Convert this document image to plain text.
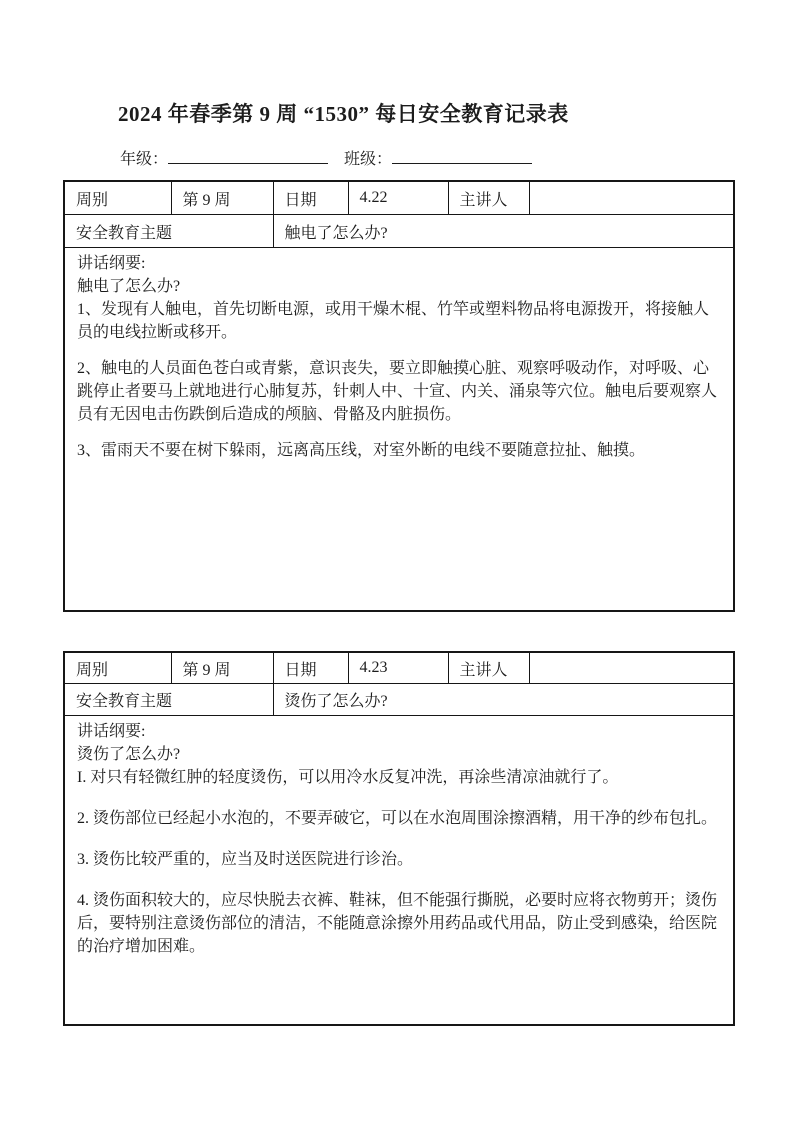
2024 年春季第 9 周 “1530” 每日安全教育记录表
年级：	班级：
周别	第 9 周	日期	4.22	主讲人	
安全教育主题		触电了怎么办?			

讲话纲要:
触电了怎么办?
1、发现有人触电，首先切断电源，或用干燥木棍、竹竿或塑料物品将电源拨开，将接触人员的电线拉断或移开。
2、触电的人员面色苍白或青紫，意识丧失，要立即触摸心脏、观察呼吸动作，对呼吸、心跳停止者要马上就地进行心肺复苏，针刺人中、十宣、内关、涌泉等穴位。触电后要观察人员有无因电击伤跌倒后造成的颅脑、骨骼及内脏损伤。
3、雷雨天不要在树下躲雨，远离高压线，对室外断的电线不要随意拉扯、触摸。					
周别	第 9 周	日期	4.23	主讲人	
安全教育主题		烫伤了怎么办?			

讲话纲要:
烫伤了怎么办?
I. 对只有轻微红肿的轻度烫伤，可以用冷水反复冲洗，再涂些清凉油就行了。
2. 烫伤部位已经起小水泡的，不要弄破它，可以在水泡周围涂擦酒精，用干净的纱布包扎。
3. 烫伤比较严重的，应当及时送医院进行诊治。
4. 烫伤面积较大的，应尽快脱去衣裤、鞋袜，但不能强行撕脱，必要时应将衣物剪开；烫伤后，要特别注意烫伤部位的清洁，不能随意涂擦外用药品或代用品，防止受到感染，给医院的治疗增加困难。
